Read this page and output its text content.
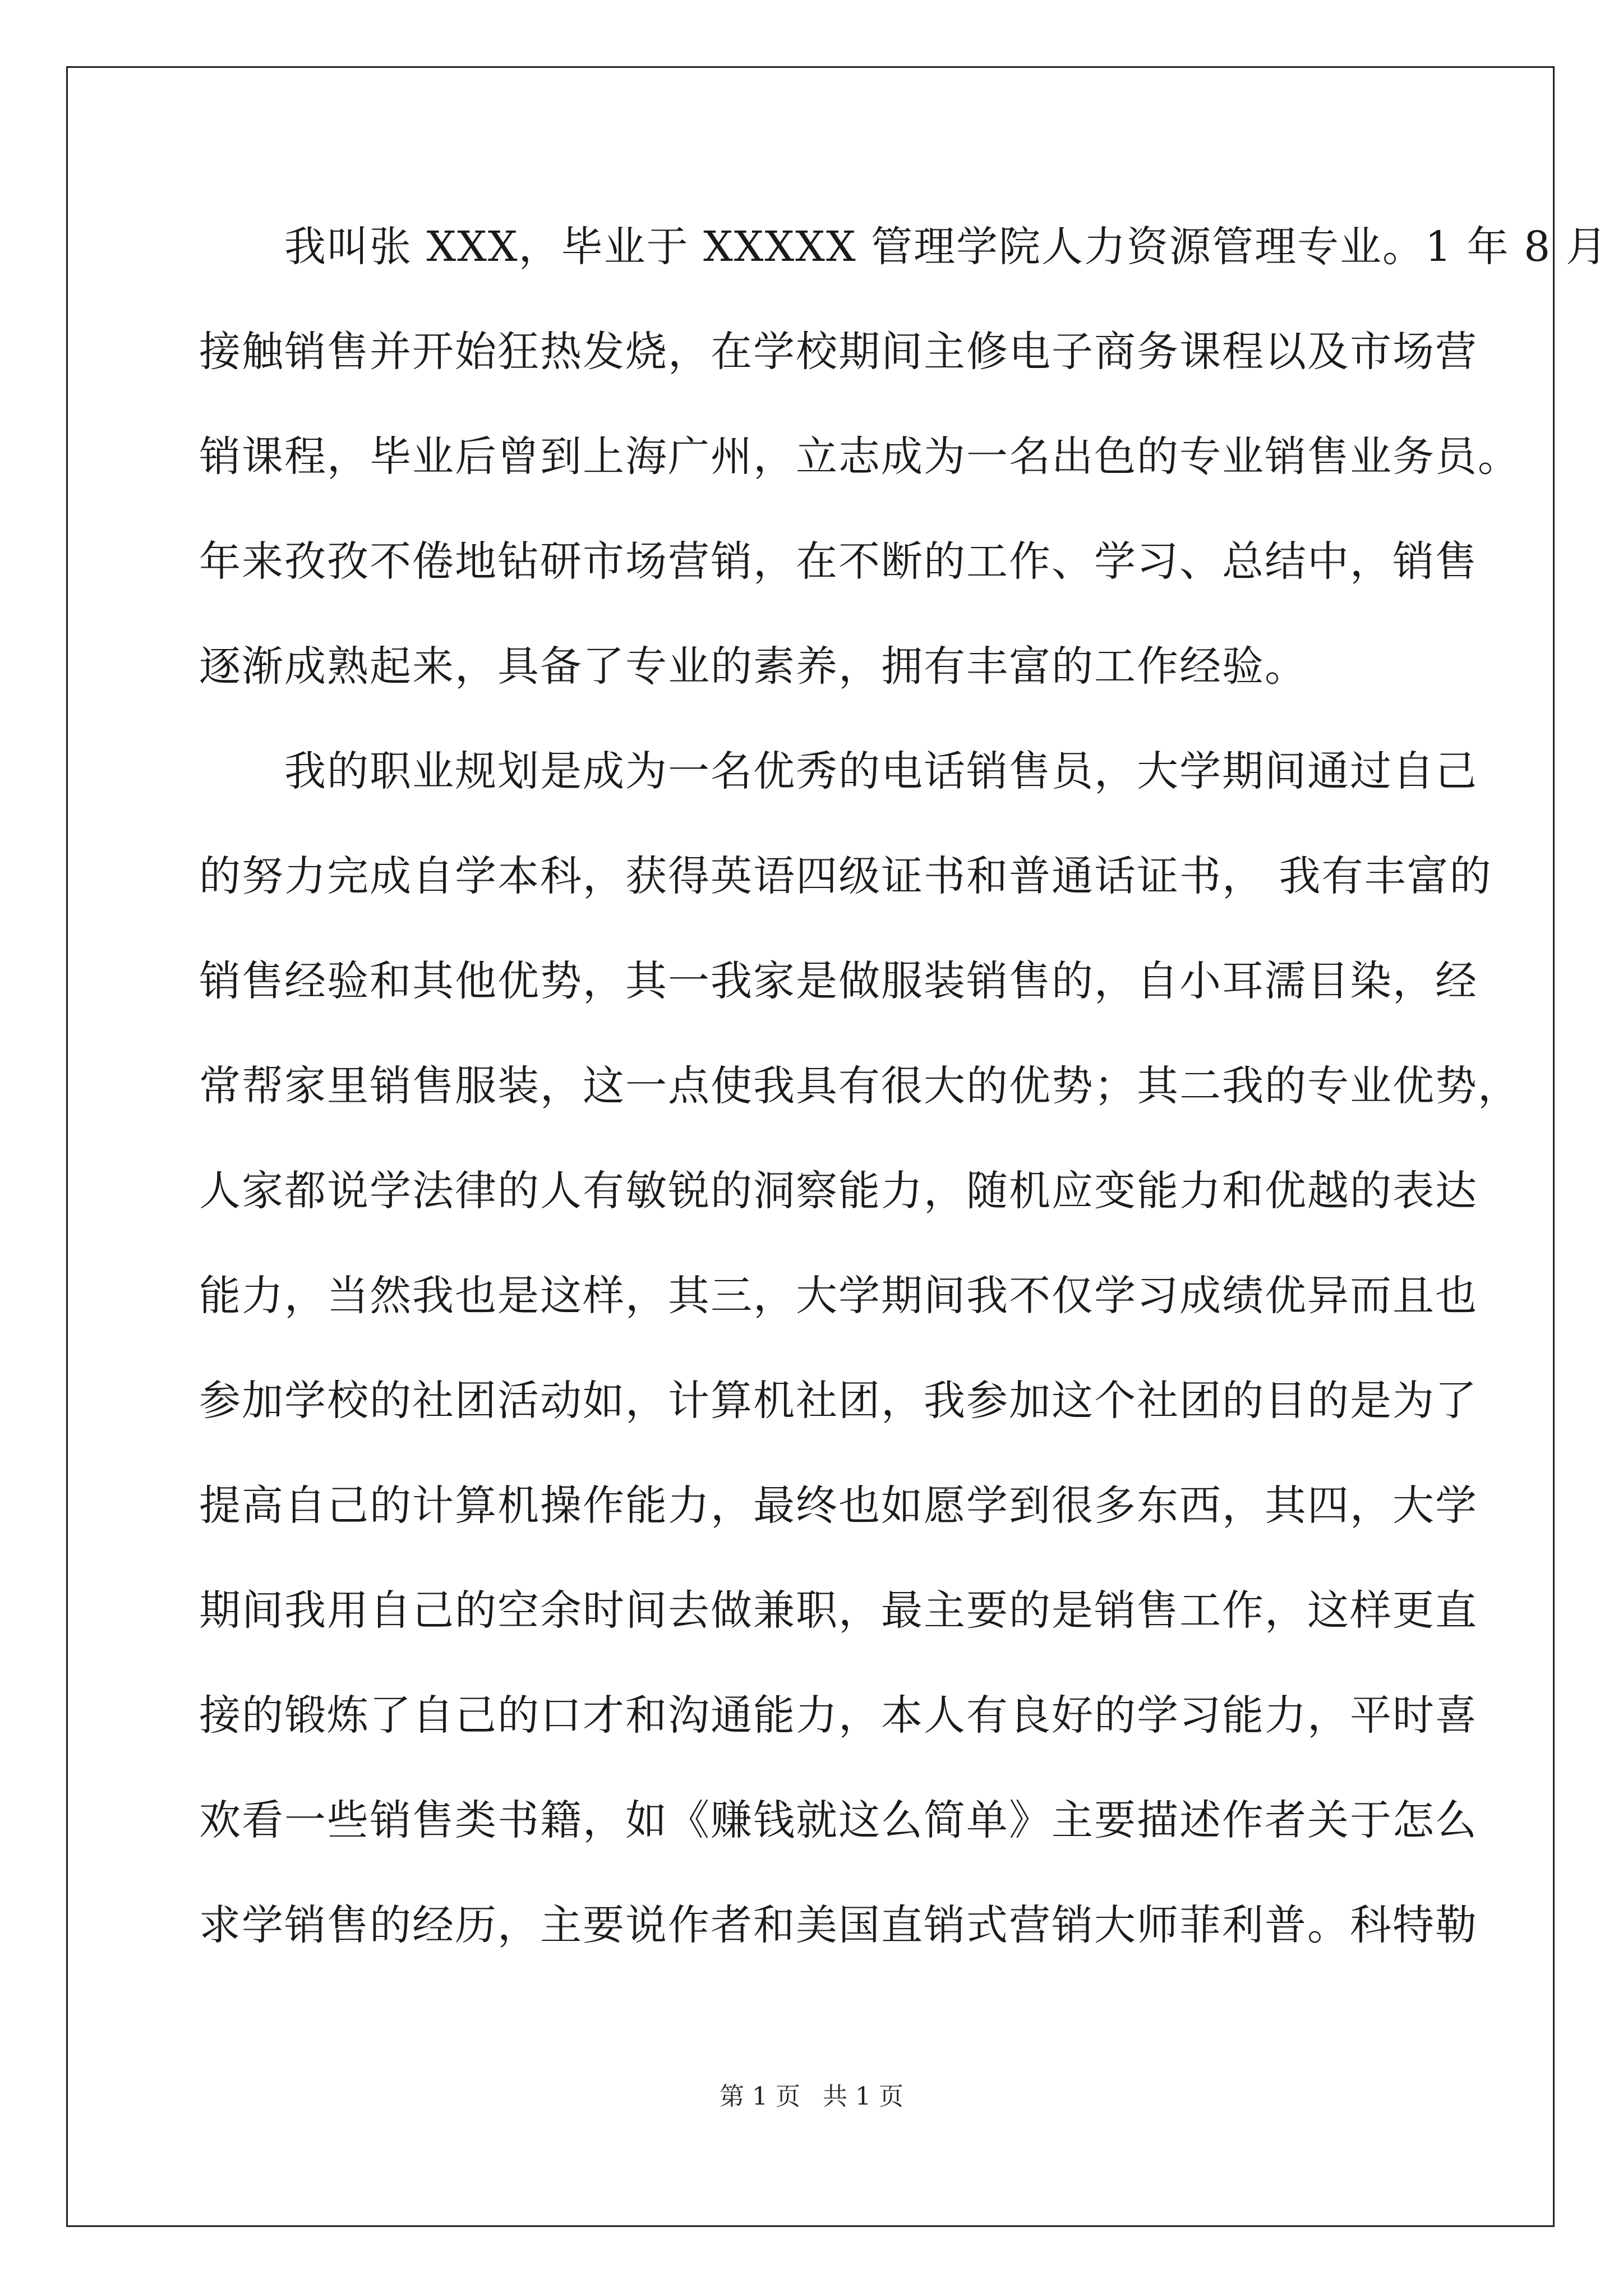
　　我叫张 XXX，毕业于 XXXXX 管理学院人力资源管理专业。1 年 8 月
接触销售并开始狂热发烧，在学校期间主修电子商务课程以及市场营
销课程，毕业后曾到上海广州，立志成为一名出色的专业销售业务员。
年来孜孜不倦地钻研市场营销，在不断的工作、学习、总结中，销售
逐渐成熟起来，具备了专业的素养，拥有丰富的工作经验。
　　我的职业规划是成为一名优秀的电话销售员，大学期间通过自己
的努力完成自学本科，获得英语四级证书和普通话证书， 我有丰富的
销售经验和其他优势，其一我家是做服装销售的，自小耳濡目染，经
常帮家里销售服装，这一点使我具有很大的优势；其二我的专业优势，
人家都说学法律的人有敏锐的洞察能力，随机应变能力和优越的表达
能力，当然我也是这样，其三，大学期间我不仅学习成绩优异而且也
参加学校的社团活动如，计算机社团，我参加这个社团的目的是为了
提高自己的计算机操作能力，最终也如愿学到很多东西，其四，大学
期间我用自己的空余时间去做兼职，最主要的是销售工作，这样更直
接的锻炼了自己的口才和沟通能力，本人有良好的学习能力，平时喜
欢看一些销售类书籍，如《赚钱就这么简单》主要描述作者关于怎么
求学销售的经历，主要说作者和美国直销式营销大师菲利普。科特勒
第 1 页 共 1 页
